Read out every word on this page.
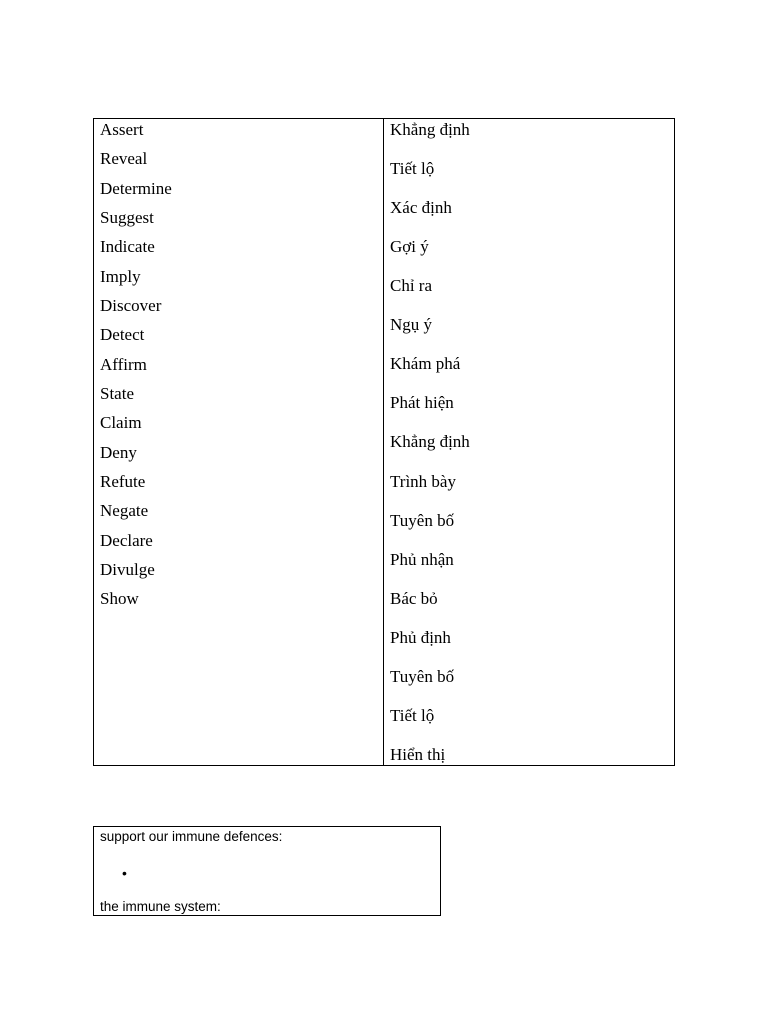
Assert
Reveal
Determine
Suggest
Indicate
Imply
Discover
Detect
Affirm
State
Claim
Deny
Refute
Negate
Declare
Divulge
Show
Khẳng định
Tiết lộ
Xác định
Gợi ý
Chỉ ra
Ngụ ý
Khám phá
Phát hiện
Khẳng định
Trình bày
Tuyên bố
Phủ nhận
Bác bỏ
Phủ định
Tuyên bố
Tiết lộ
Hiển thị
support our immune defences:
•
the immune system:
